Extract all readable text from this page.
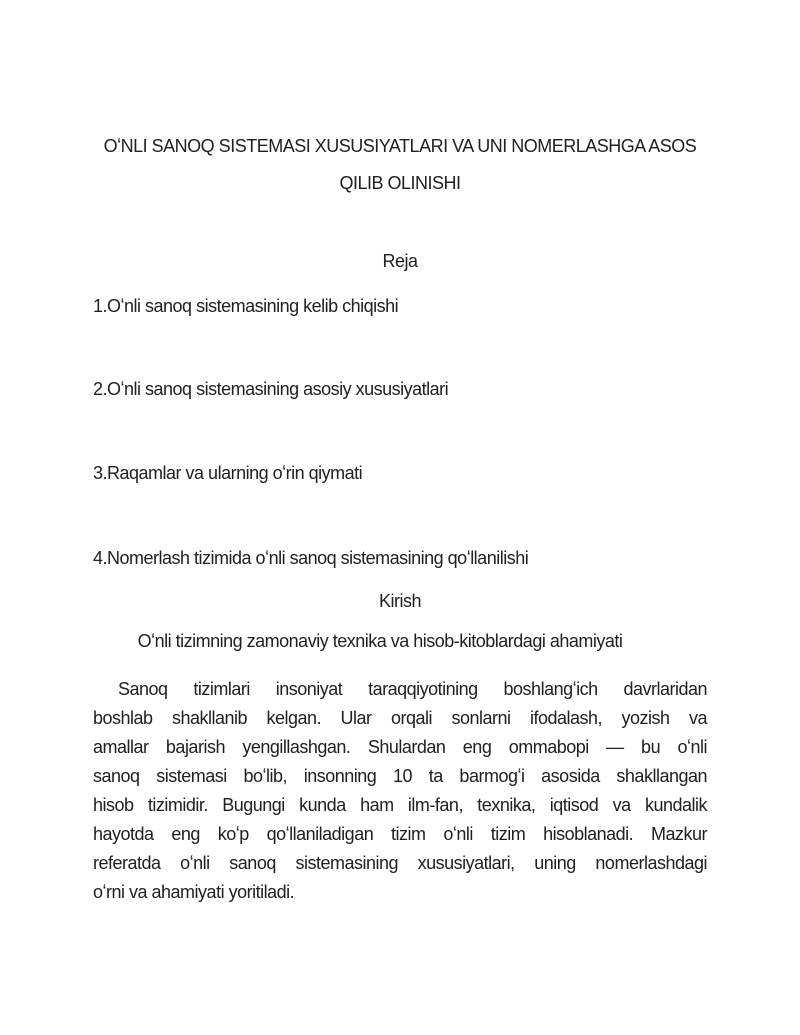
OʻNLI SANOQ SISTEMASI XUSUSIYATLARI VA UNI NOMERLASHGA ASOS
QILIB OLINISHI
Reja
1.Oʻnli sanoq sistemasining kelib chiqishi
2.Oʻnli sanoq sistemasining asosiy xususiyatlari
3.Raqamlar va ularning oʻrin qiymati
4.Nomerlash tizimida oʻnli sanoq sistemasining qoʻllanilishi
Kirish
Oʻnli tizimning zamonaviy texnika va hisob-kitoblardagi ahamiyati
Sanoq tizimlari insoniyat taraqqiyotining boshlangʻich davrlaridan
boshlab shakllanib kelgan. Ular orqali sonlarni ifodalash, yozish va
amallar bajarish yengillashgan. Shulardan eng ommabopi — bu oʻnli
sanoq sistemasi boʻlib, insonning 10 ta barmogʻi asosida shakllangan
hisob tizimidir. Bugungi kunda ham ilm-fan, texnika, iqtisod va kundalik
hayotda eng koʻp qoʻllaniladigan tizim oʻnli tizim hisoblanadi. Mazkur
referatda oʻnli sanoq sistemasining xususiyatlari, uning nomerlashdagi
oʻrni va ahamiyati yoritiladi.
